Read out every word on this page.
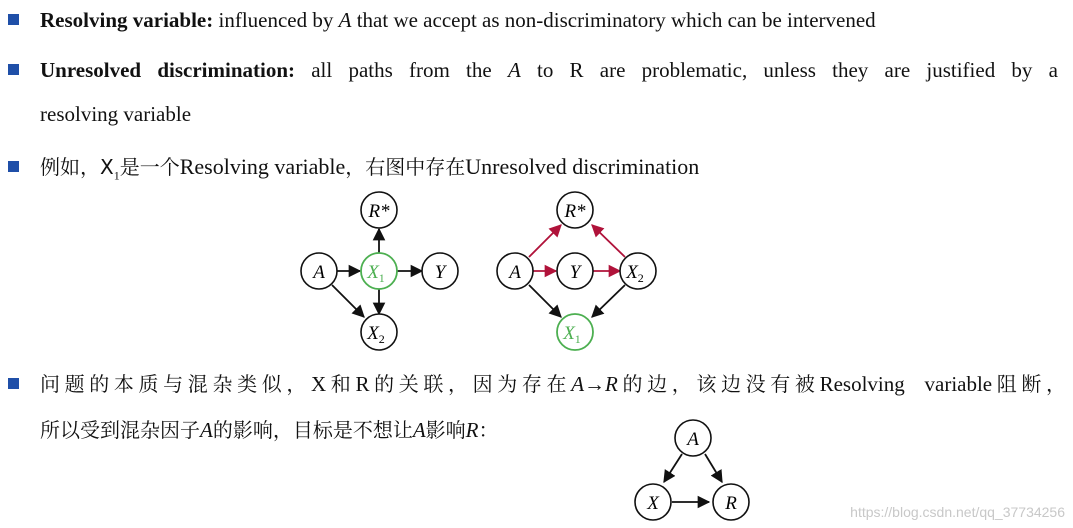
Resolving variable: influenced by A that we accept as non-discriminatory which can be intervened
Unresolved discrimination: all paths from the A to R are problematic, unless they are justified by a
resolving variable
例如，$X_1$是一个Resolving variable，右图中存在Unresolved discrimination
R*
A $X_1$	Y
$X_2$
R*
A	Y $X_2$
$X_1$
A
X	R
问题的本质与混杂类似，X和R的关联，因为存在A→R的边，该边没有被Resolving  variable阻断，
所以受到混杂因子A的影响，目标是不想让A影响R：
https://blog.csdn.net/qq_37734256
